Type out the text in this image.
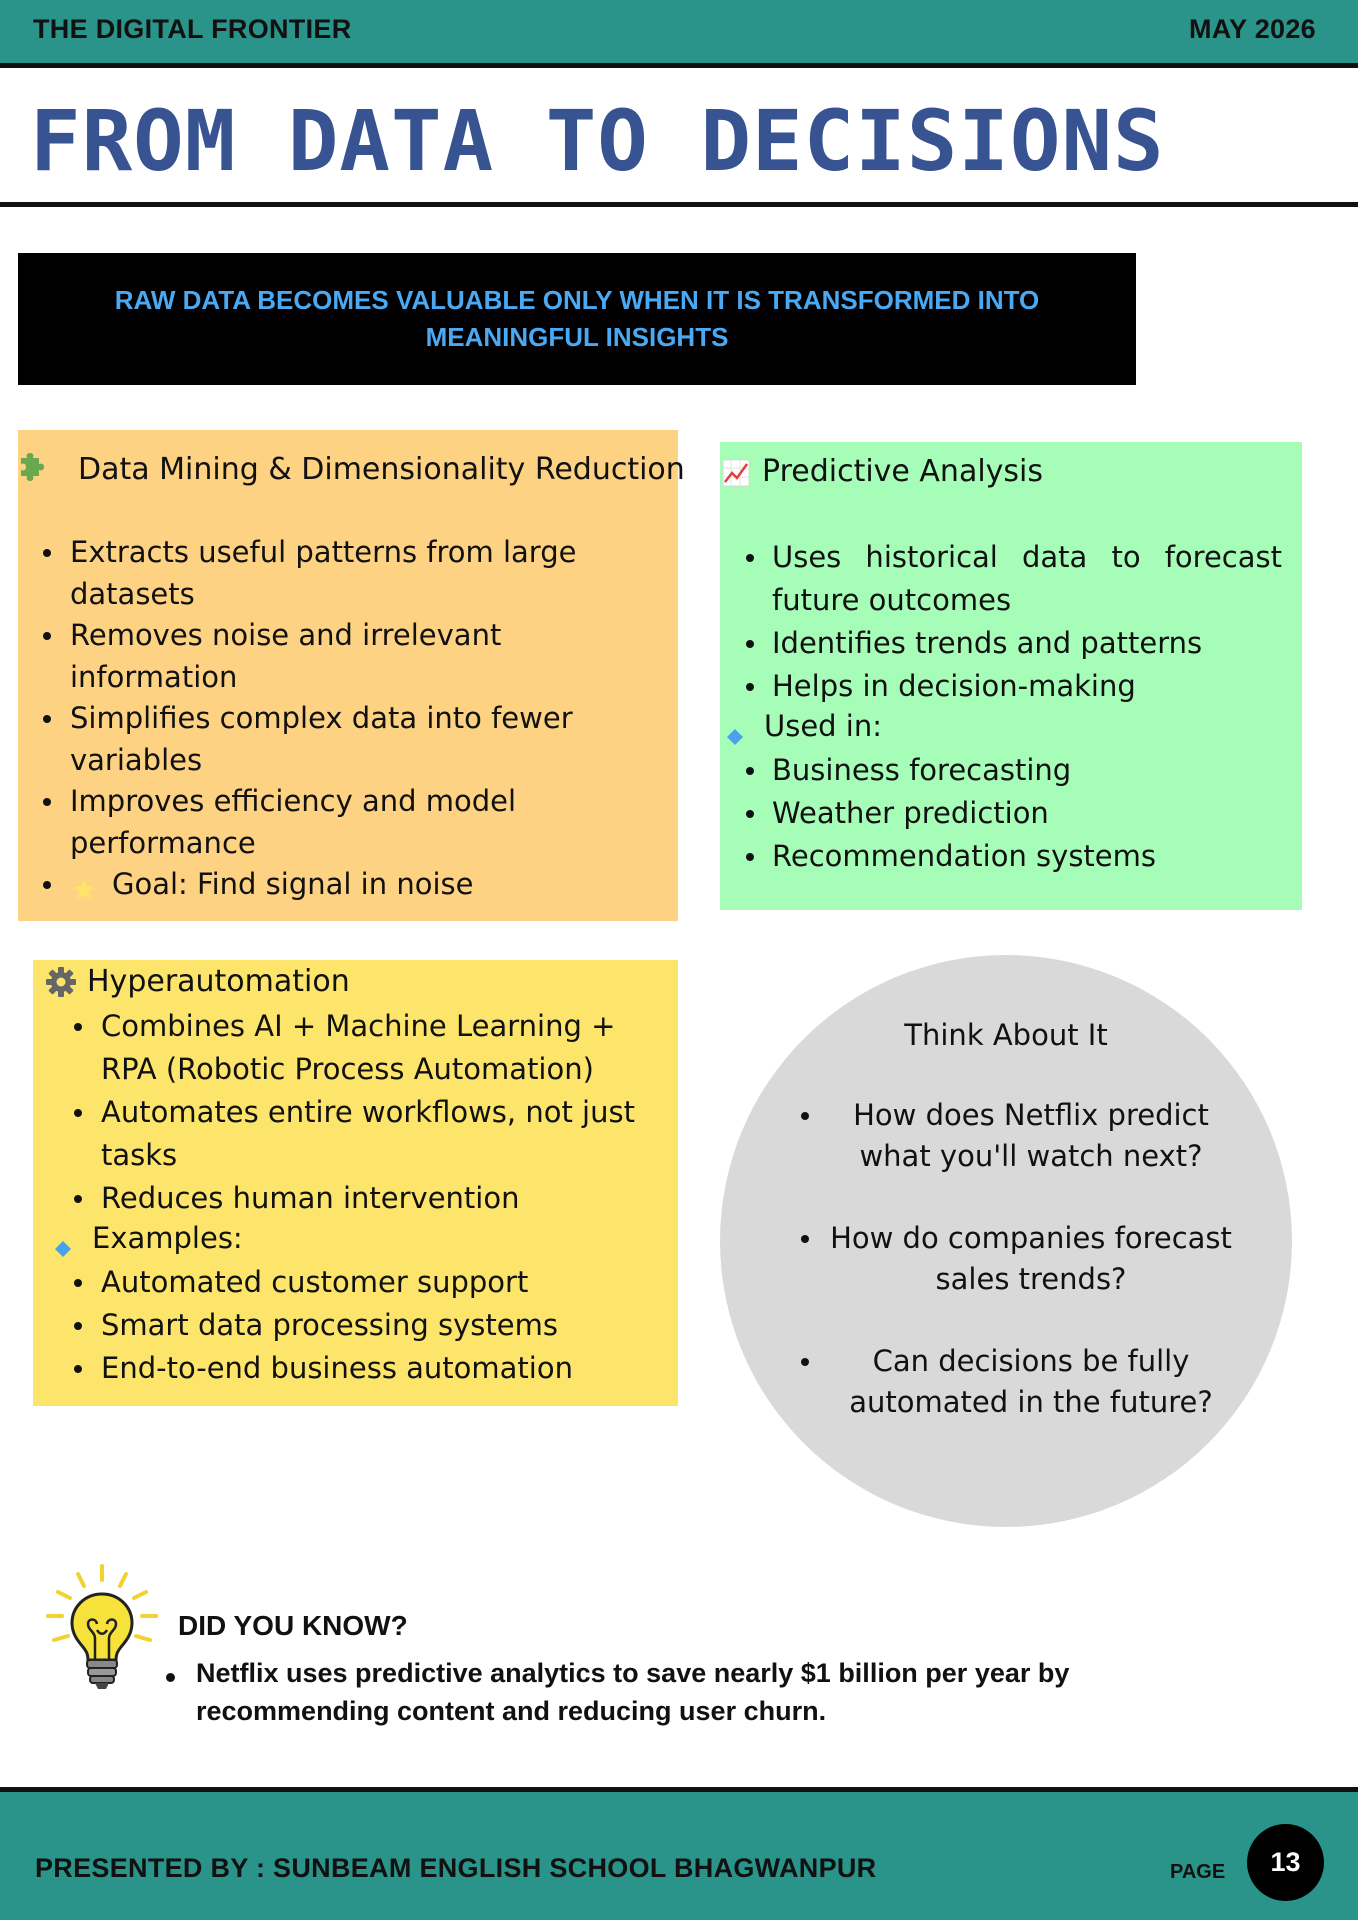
THE DIGITAL FRONTIER	MAY 2026
FROM DATA TO DECISIONS
RAW DATA BECOMES VALUABLE ONLY WHEN IT IS TRANSFORMED INTO MEANINGFUL INSIGHTS
Data Mining & Dimensionality Reduction
Extracts useful patterns from large datasets
Removes noise and irrelevant information
Simplifies complex data into fewer variables
Improves efficiency and model performance
Goal: Find signal in noise
Predictive Analysis
Uses historical data to forecast future outcomes
Identifies trends and patterns
Helps in decision-making
Used in:
Business forecasting
Weather prediction
Recommendation systems
Hyperautomation
Combines AI + Machine Learning + RPA (Robotic Process Automation)
Automates entire workflows, not just tasks
Reduces human intervention
Examples:
Automated customer support
Smart data processing systems
End-to-end business automation
Think About It
How does Netflix predict what you'll watch next?
How do companies forecast sales trends?
Can decisions be fully automated in the future?
DID YOU KNOW?
Netflix uses predictive analytics to save nearly $1 billion per year by recommending content and reducing user churn.
PRESENTED BY : SUNBEAM ENGLISH SCHOOL BHAGWANPUR	PAGE	13
